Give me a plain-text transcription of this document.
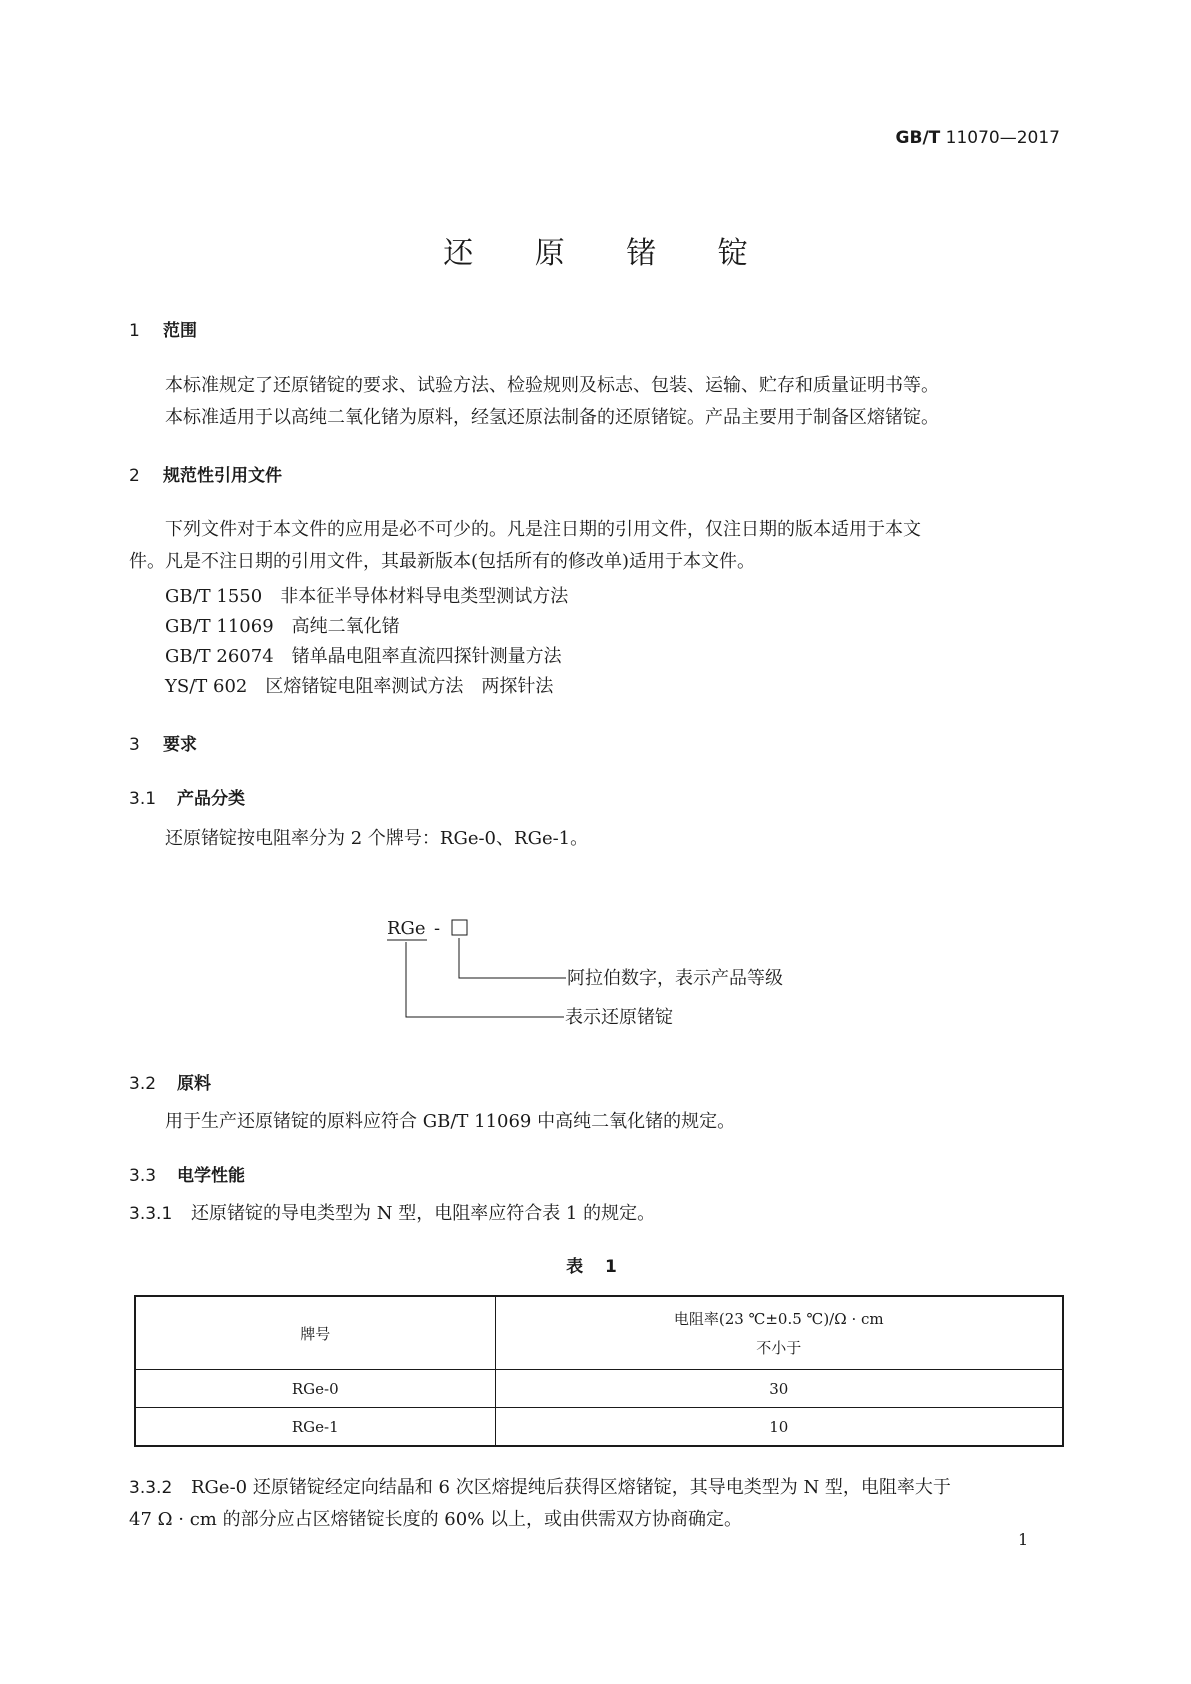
GB/T 11070—2017
还 原 锗 锭
1 范围
本标准规定了还原锗锭的要求、试验方法、检验规则及标志、包装、运输、贮存和质量证明书等。
本标准适用于以高纯二氧化锗为原料，经氢还原法制备的还原锗锭。产品主要用于制备区熔锗锭。
2 规范性引用文件
下列文件对于本文件的应用是必不可少的。凡是注日期的引用文件，仅注日期的版本适用于本文
件。凡是不注日期的引用文件，其最新版本(包括所有的修改单)适用于本文件。
GB/T 1550　 非本征半导体材料导电类型测试方法
GB/T 11069　 高纯二氧化锗
GB/T 26074　 锗单晶电阻率直流四探针测量方法
YS/T 602　 区熔锗锭电阻率测试方法　两探针法
3 要求
3.1 产品分类
还原锗锭按电阻率分为 2 个牌号：RGe-0、RGe-1。
RGe -
阿拉伯数字，表示产品等级
表示还原锗锭
3.2 原料
用于生产还原锗锭的原料应符合 GB/T 11069 中高纯二氧化锗的规定。
3.3 电学性能
3.3.1 还原锗锭的导电类型为 N 型，电阻率应符合表 1 的规定。
表 1
牌号	电阻率(23 ℃±0.5 ℃)/Ω · cm
不小于

RGe-0	30
RGe-1	10
3.3.2 RGe-0 还原锗锭经定向结晶和 6 次区熔提纯后获得区熔锗锭，其导电类型为 N 型，电阻率大于
47 Ω · cm 的部分应占区熔锗锭长度的 60% 以上，或由供需双方协商确定。
1
